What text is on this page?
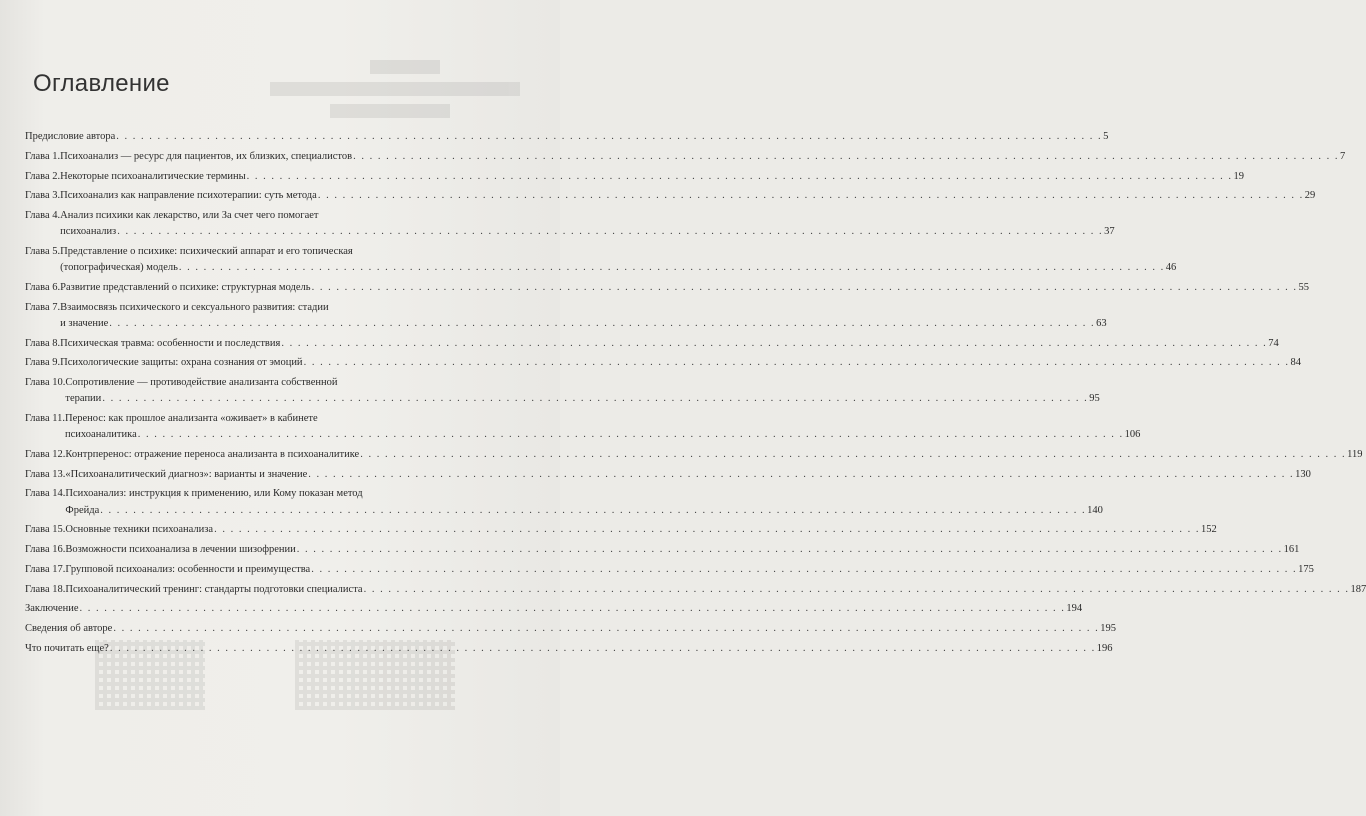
Оглавление
Предисловие автора . . . . . . . . . . . . . . . . . . . . . . . . . . . . . . . . . . . . . . . . . . . . . . . . . . . . . . . . . . . . . . . . . . . . . . . . . . . . . . . . . . . . . . . . . . . . . . . . . . . . . . . . . . . . . . . . . . . . . . . . 5
Глава 1. Психоанализ — ресурс для пациентов, их близких, специалистов . . . . . . . . . . . . . . . . . . . . . . . . . . . . . . . . . . . . . . . . . . . . . . . . . . . . . . . . . . . . . . . . . . . . . . . . . . . . . . . . . . . . . . . . . . . . . . . . . . . . . . . . . . . . . . . . . . . . . . . . 7
Глава 2. Некоторые психоаналитические термины . . . . . . . . . . . . . . . . . . . . . . . . . . . . . . . . . . . . . . . . . . . . . . . . . . . . . . . . . . . . . . . . . . . . . . . . . . . . . . . . . . . . . . . . . . . . . . . . . . . . . . . . . . . . . . . . . . . . . . . . 19
Глава 3. Психоанализ как направление психотерапии: суть метода . . . . . . . . . . . . . . . . . . . . . . . . . . . . . . . . . . . . . . . . . . . . . . . . . . . . . . . . . . . . . . . . . . . . . . . . . . . . . . . . . . . . . . . . . . . . . . . . . . . . . . . . . . . . . . . . . . . . . . . . 29
Глава 4. Анализ психики как лекарство, или За счет чего помогает
психоанализ . . . . . . . . . . . . . . . . . . . . . . . . . . . . . . . . . . . . . . . . . . . . . . . . . . . . . . . . . . . . . . . . . . . . . . . . . . . . . . . . . . . . . . . . . . . . . . . . . . . . . . . . . . . . . . . . . . . . . . . . 37
Глава 5. Представление о психике: психический аппарат и его топическая
(топографическая) модель . . . . . . . . . . . . . . . . . . . . . . . . . . . . . . . . . . . . . . . . . . . . . . . . . . . . . . . . . . . . . . . . . . . . . . . . . . . . . . . . . . . . . . . . . . . . . . . . . . . . . . . . . . . . . . . . . . . . . . . . 46
Глава 6. Развитие представлений о психике: структурная модель . . . . . . . . . . . . . . . . . . . . . . . . . . . . . . . . . . . . . . . . . . . . . . . . . . . . . . . . . . . . . . . . . . . . . . . . . . . . . . . . . . . . . . . . . . . . . . . . . . . . . . . . . . . . . . . . . . . . . . . . 55
Глава 7. Взаимосвязь психического и сексуального развития: стадии
и значение . . . . . . . . . . . . . . . . . . . . . . . . . . . . . . . . . . . . . . . . . . . . . . . . . . . . . . . . . . . . . . . . . . . . . . . . . . . . . . . . . . . . . . . . . . . . . . . . . . . . . . . . . . . . . . . . . . . . . . . . 63
Глава 8. Психическая травма: особенности и последствия . . . . . . . . . . . . . . . . . . . . . . . . . . . . . . . . . . . . . . . . . . . . . . . . . . . . . . . . . . . . . . . . . . . . . . . . . . . . . . . . . . . . . . . . . . . . . . . . . . . . . . . . . . . . . . . . . . . . . . . . 74
Глава 9. Психологические защиты: охрана сознания от эмоций . . . . . . . . . . . . . . . . . . . . . . . . . . . . . . . . . . . . . . . . . . . . . . . . . . . . . . . . . . . . . . . . . . . . . . . . . . . . . . . . . . . . . . . . . . . . . . . . . . . . . . . . . . . . . . . . . . . . . . . . 84
Глава 10. Сопротивление — противодействие анализанта собственной
терапии . . . . . . . . . . . . . . . . . . . . . . . . . . . . . . . . . . . . . . . . . . . . . . . . . . . . . . . . . . . . . . . . . . . . . . . . . . . . . . . . . . . . . . . . . . . . . . . . . . . . . . . . . . . . . . . . . . . . . . . . 95
Глава 11. Перенос: как прошлое анализанта «оживает» в кабинете
психоаналитика . . . . . . . . . . . . . . . . . . . . . . . . . . . . . . . . . . . . . . . . . . . . . . . . . . . . . . . . . . . . . . . . . . . . . . . . . . . . . . . . . . . . . . . . . . . . . . . . . . . . . . . . . . . . . . . . . . . . . . . . 106
Глава 12. Контрперенос: отражение переноса анализанта в психоаналитике . . . . . . . . . . . . . . . . . . . . . . . . . . . . . . . . . . . . . . . . . . . . . . . . . . . . . . . . . . . . . . . . . . . . . . . . . . . . . . . . . . . . . . . . . . . . . . . . . . . . . . . . . . . . . . . . . . . . . . . . 119
Глава 13. «Психоаналитический диагноз»: варианты и значение . . . . . . . . . . . . . . . . . . . . . . . . . . . . . . . . . . . . . . . . . . . . . . . . . . . . . . . . . . . . . . . . . . . . . . . . . . . . . . . . . . . . . . . . . . . . . . . . . . . . . . . . . . . . . . . . . . . . . . . . 130
Глава 14. Психоанализ: инструкция к применению, или Кому показан метод
Фрейда . . . . . . . . . . . . . . . . . . . . . . . . . . . . . . . . . . . . . . . . . . . . . . . . . . . . . . . . . . . . . . . . . . . . . . . . . . . . . . . . . . . . . . . . . . . . . . . . . . . . . . . . . . . . . . . . . . . . . . . . 140
Глава 15. Основные техники психоанализа . . . . . . . . . . . . . . . . . . . . . . . . . . . . . . . . . . . . . . . . . . . . . . . . . . . . . . . . . . . . . . . . . . . . . . . . . . . . . . . . . . . . . . . . . . . . . . . . . . . . . . . . . . . . . . . . . . . . . . . . 152
Глава 16. Возможности психоанализа в лечении шизофрении . . . . . . . . . . . . . . . . . . . . . . . . . . . . . . . . . . . . . . . . . . . . . . . . . . . . . . . . . . . . . . . . . . . . . . . . . . . . . . . . . . . . . . . . . . . . . . . . . . . . . . . . . . . . . . . . . . . . . . . . 161
Глава 17. Групповой психоанализ: особенности и преимущества . . . . . . . . . . . . . . . . . . . . . . . . . . . . . . . . . . . . . . . . . . . . . . . . . . . . . . . . . . . . . . . . . . . . . . . . . . . . . . . . . . . . . . . . . . . . . . . . . . . . . . . . . . . . . . . . . . . . . . . . 175
Глава 18. Психоаналитический тренинг: стандарты подготовки специалиста . . . . . . . . . . . . . . . . . . . . . . . . . . . . . . . . . . . . . . . . . . . . . . . . . . . . . . . . . . . . . . . . . . . . . . . . . . . . . . . . . . . . . . . . . . . . . . . . . . . . . . . . . . . . . . . . . . . . . . . . 187
Заключение . . . . . . . . . . . . . . . . . . . . . . . . . . . . . . . . . . . . . . . . . . . . . . . . . . . . . . . . . . . . . . . . . . . . . . . . . . . . . . . . . . . . . . . . . . . . . . . . . . . . . . . . . . . . . . . . . . . . . . . . 194
Сведения об авторе . . . . . . . . . . . . . . . . . . . . . . . . . . . . . . . . . . . . . . . . . . . . . . . . . . . . . . . . . . . . . . . . . . . . . . . . . . . . . . . . . . . . . . . . . . . . . . . . . . . . . . . . . . . . . . . . . . . . . . . . 195
Что почитать еще? . . . . . . . . . . . . . . . . . . . . . . . . . . . . . . . . . . . . . . . . . . . . . . . . . . . . . . . . . . . . . . . . . . . . . . . . . . . . . . . . . . . . . . . . . . . . . . . . . . . . . . . . . . . . . . . . . . . . . . . . 196
